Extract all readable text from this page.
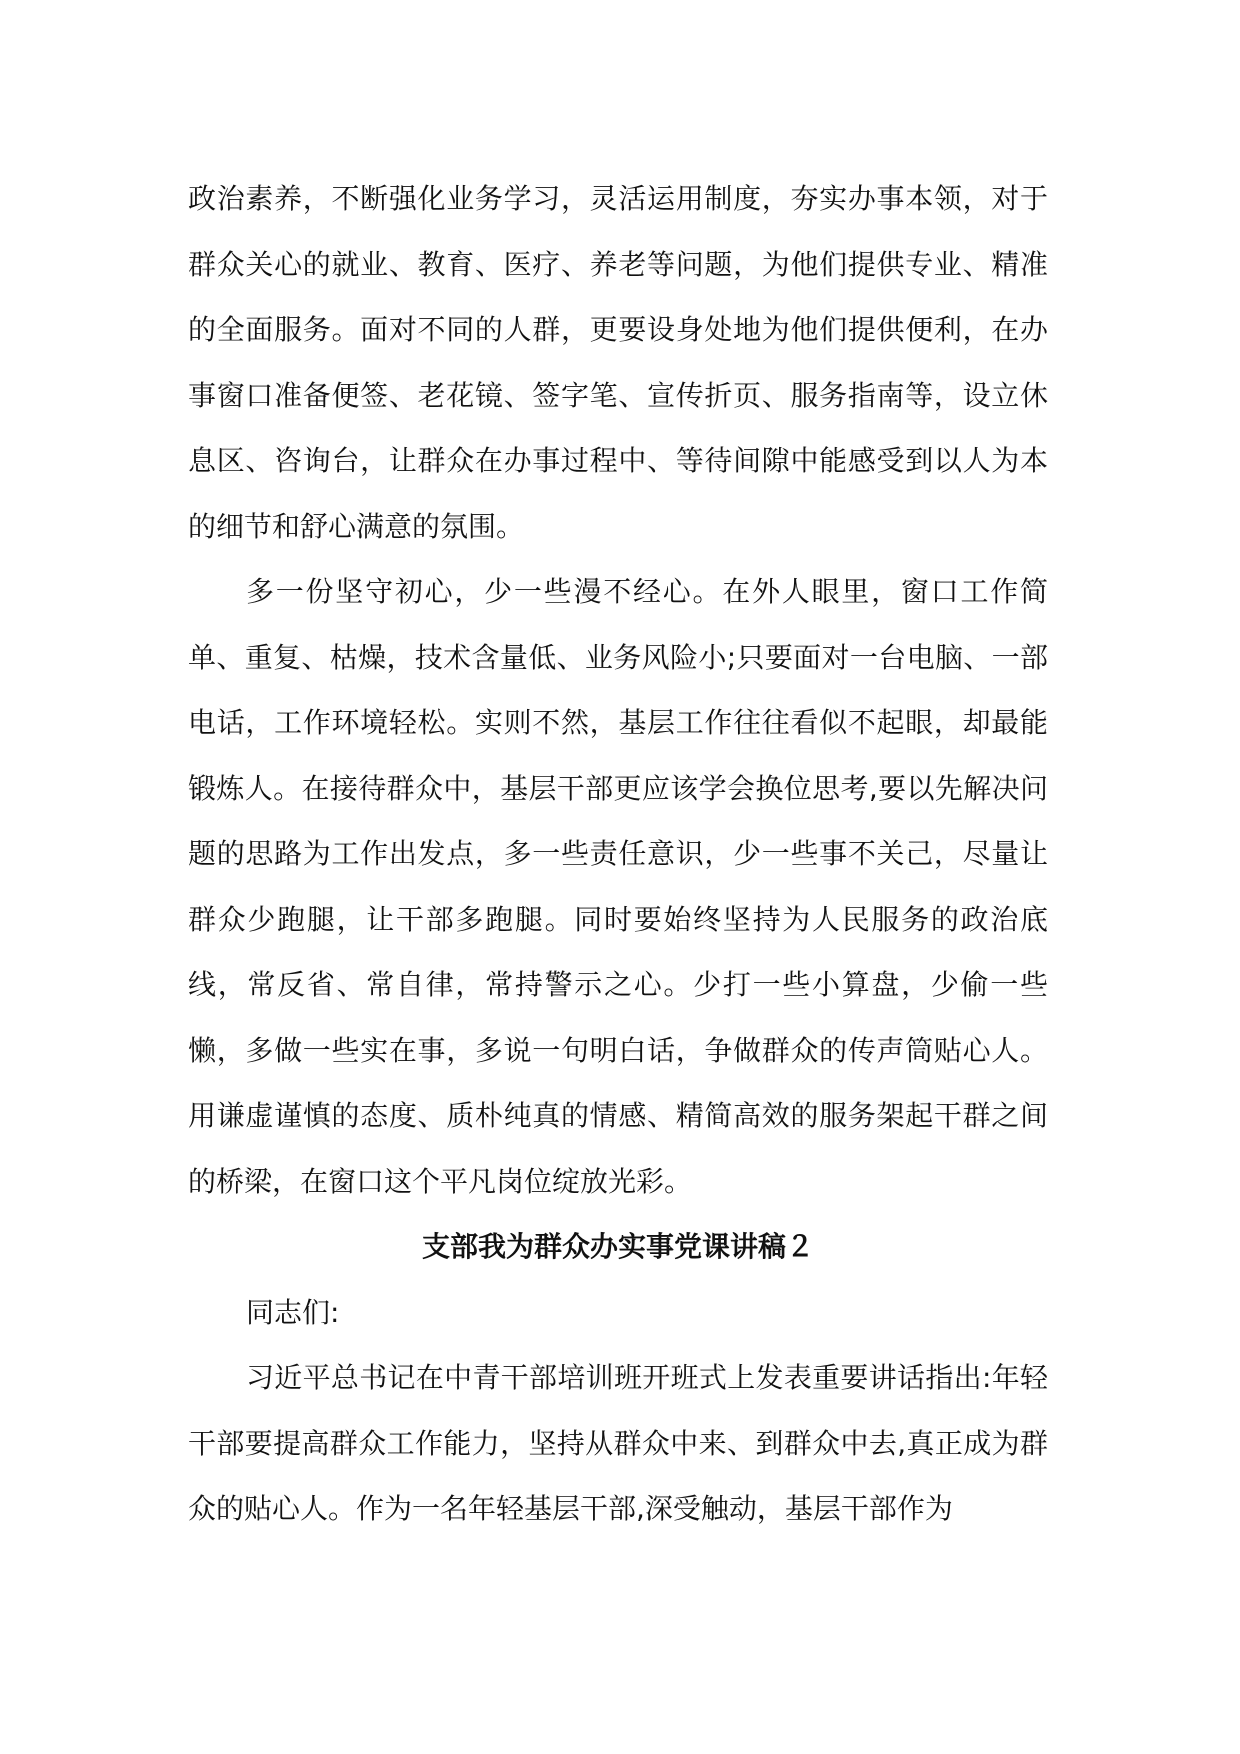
政治素养，不断强化业务学习，灵活运用制度，夯实办事本领，对于群众关心的就业、教育、医疗、养老等问题，为他们提供专业、精准的全面服务。面对不同的人群，更要设身处地为他们提供便利，在办事窗口准备便签、老花镜、签字笔、宣传折页、服务指南等，设立休息区、咨询台，让群众在办事过程中、等待间隙中能感受到以人为本的细节和舒心满意的氛围。

多一份坚守初心，少一些漫不经心。在外人眼里，窗口工作简单、重复、枯燥，技术含量低、业务风险小;只要面对一台电脑、一部电话，工作环境轻松。实则不然，基层工作往往看似不起眼，却最能锻炼人。在接待群众中，基层干部更应该学会换位思考,要以先解决问题的思路为工作出发点，多一些责任意识，少一些事不关己，尽量让群众少跑腿，让干部多跑腿。同时要始终坚持为人民服务的政治底线，常反省、常自律，常持警示之心。少打一些小算盘，少偷一些懒，多做一些实在事，多说一句明白话，争做群众的传声筒贴心人。用谦虚谨慎的态度、质朴纯真的情感、精简高效的服务架起干群之间的桥梁，在窗口这个平凡岗位绽放光彩。

支部我为群众办实事党课讲稿２

同志们:

习近平总书记在中青干部培训班开班式上发表重要讲话指出:年轻干部要提高群众工作能力，坚持从群众中来、到群众中去,真正成为群众的贴心人。作为一名年轻基层干部,深受触动，基层干部作为
